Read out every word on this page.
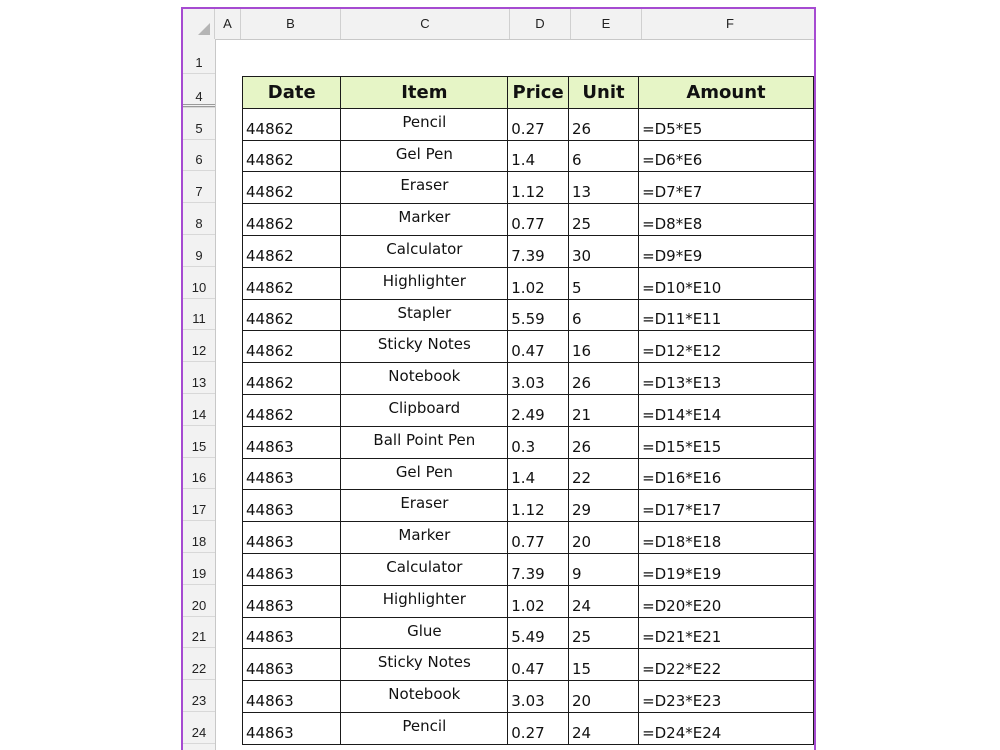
A	B	C	D	E	F
1
4
5
6
7
8
9
10
11
12
13
14
15
16
17
18
19
20
21
22
23
24
Date	Item	Price	Unit	Amount
44862	Pencil	0.27	26	=D5*E5
44862	Gel Pen	1.4	6	=D6*E6
44862	Eraser	1.12	13	=D7*E7
44862	Marker	0.77	25	=D8*E8
44862	Calculator	7.39	30	=D9*E9
44862	Highlighter	1.02	5	=D10*E10
44862	Stapler	5.59	6	=D11*E11
44862	Sticky Notes	0.47	16	=D12*E12
44862	Notebook	3.03	26	=D13*E13
44862	Clipboard	2.49	21	=D14*E14
44863	Ball Point Pen	0.3	26	=D15*E15
44863	Gel Pen	1.4	22	=D16*E16
44863	Eraser	1.12	29	=D17*E17
44863	Marker	0.77	20	=D18*E18
44863	Calculator	7.39	9	=D19*E19
44863	Highlighter	1.02	24	=D20*E20
44863	Glue	5.49	25	=D21*E21
44863	Sticky Notes	0.47	15	=D22*E22
44863	Notebook	3.03	20	=D23*E23
44863	Pencil	0.27	24	=D24*E24
